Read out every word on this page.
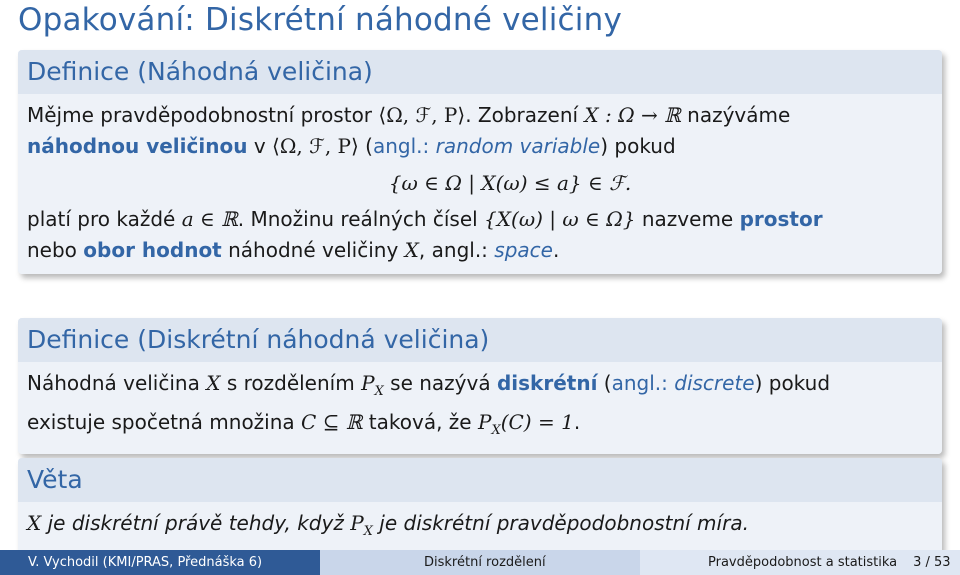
Opakování: Diskrétní náhodné veličiny
Definice (Náhodná veličina)
Mějme pravděpodobnostní prostor ⟨Ω, ℱ, P⟩. Zobrazení X : Ω → ℝ nazýváme
náhodnou veličinou v ⟨Ω, ℱ, P⟩ (angl.: random variable) pokud
{ω ∈ Ω | X(ω) ≤ a} ∈ ℱ.
platí pro každé a ∈ ℝ. Množinu reálných čísel {X(ω) | ω ∈ Ω} nazveme prostor
nebo obor hodnot náhodné veličiny X, angl.: space.
Definice (Diskrétní náhodná veličina)
Náhodná veličina X s rozdělením $P_X$ se nazývá diskrétní (angl.: discrete) pokud
existuje spočetná množina C ⊆ ℝ taková, že $P_X(C) = 1$.
Věta
X je diskrétní právě tehdy, když $P_X$ je diskrétní pravděpodobnostní míra.
V. Vychodil (KMI/PRAS, Přednáška 6)	Diskrétní rozdělení	Pravděpodobnost a statistika 3 / 53
